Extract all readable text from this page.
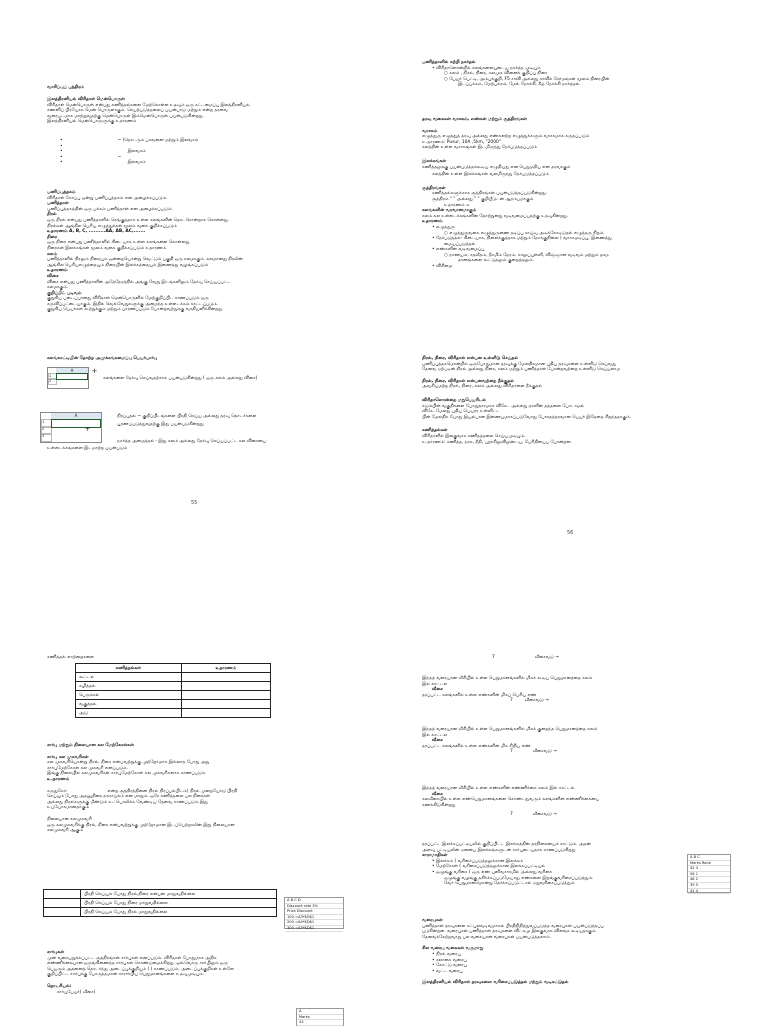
வாசிப்புப் பத்திரம்
இலத்திரனியல் விரிதாள் மென்பொருள்
விரிதாள் மென்பொருள் என்பது கணித்தல்களை மேற்கொள்ள உதவும் ஒரு கட்டமைப்பு இலத்திரனியல்
கணனிப் பிரயோக மென் பொருளாகும். செயற்படுத்தலைப் பயன்பாடு மற்றும் என்ற தரவை
வரைபடமாக மாற்றுவதற்கு மென்பொருள் இம்மென்பொருள் பயன்படுகின்றது.
இலத்திரனியல் மென்பொருளுக்கு உதாரணம்
•	~ (தொடரும் பாவனை மற்றும் இலவசம்
•
•	இலவசம்
•	~
•	இலவசம்
பணிப்புத்தகம்
விரிதாள் கோப்பு ஒன்று பணிப்புத்தகம் என அழைக்கப்படும்.
பணித்தாள்
பணிப்புத்தகத்தின் ஒரு பக்கம் பணித்தாள் என அழைக்கப்படும்.
நிரல்
ஒரு நிரல் என்பது பணித்தாளில் செங்குத்தாக உள்ள கலங்களின் தொடரொன்றாக கொள்ளது.
நிரல்கள் ஆங்கில பெரிய எழுத்துக்கள் மூலம் வகை குறிக்கப்படும்
உதாரணம் A, B, C, ..........AA, AB, AC,.......
நிரை
ஒரு நிரை என்பது பணித்தாளில் கிடையாக உள்ள கலங்களை கொள்ளது.
நிரைகள் இலக்கங்கள் மூலம் வகை குறிக்கப்படும் உதாரணம்
கலம்
பணித்தாளில் நிரலும் நிரையும் ஒன்றையொன்று வெட்டும் பகுதி ஒரு கலமாகும். கலமானது நிரலின்
ஆங்கில பெரியஎழுத்தையும் நிரையின் இலக்கத்தையும் இணைத்து வழங்கப்படும்
உதாரணம்
விசை
விசை என்பது பணித்தாளின் அதேநேரத்தில் அங்கு வேறு இடங்களிலும் தேர்வு செய்யப்பட்ட
கலமாகும்.
குறிப்பிட் படிவம்
குறுகிய படைப்பானது விரிதாள் மென்பொருளில் மேற்குறிப்பிட காணப்படும் ஒரு
கருவிப்பட்டையாகும். இதில் வெவ்வேறுகளுக்கு அமைந்த உள்ளடக்கம் காட்டப்படும்.
குறுகிய பெயர்கள் கூற்றுக்கும் மற்றும் பாரணப்படும் போன்றவற்றுக்கு வசதியளிக்கின்றது.
கலங்காட்டியின் தோற்ற அமுக்கங்கமைப்பு பெயர்பார்பு
A
1
2
✛
கலங்களை தேர்வு செய்வதற்காக பயன்படுகின்றது ( ஒரு கலம் அல்லது விசை)
A
1
2
3
+
நிரப்புதல் ~ குறிப்பிடங்களை பிரதி செய்ய அல்லது தரவு தொடர்களை
பூரணப்படுத்துவதற்கு இது பயன்படுகின்றது
நகர்த்த அமைத்தல் - இது கலம் அல்லது தேர்வு செய்யப்பட்ட கல விசையை
உள்ளடக்கங்களை இடமாற்ற பயன்படும்
55
பணித்தாளில் சுற்றி நகர்தல்
• விரிதாளொன்றில் கலங்களையுடைய நகர்த்த முடியும்
○ கலம் , நிரல், நிரை, கலமுக வினைக் குறிப்பு நிரை
○ பேயர் பெட்டி, அம்புக்குறி, F5 சாவி அல்லது சாவிக் சேர்மங்கள் மூலம் திரையின்
இடப்பக்கம், மேற்பக்கம், மேல் நோக்கி, கீழ் நோக்கி நகர்த்தல்.
தரவு வகைகள் வாசகம், எண்கள் மற்றும் சூத்திரங்கள்
வாசகம்
எழுத்துரு எழுத்துத் தரவு அல்லது எண்களற்ற எழுத்துக்களும் வாசகமாக கருதப்படும்
உ.தாரணம்: Pusur, 10A ,5km, "2000"
கலத்தின் உள்ள வாசகங்கள் இடமிருந்து நேர்படுத்தப்படும்
இலக்கங்கள்
கணித்தலுக்கு பயன்படுத்தக்கூடிய எழுதியது என பெறுமதிய என தரவாகும்
கலத்தின் உள்ள இலக்கங்கள் வலமிருந்து நேர்படுத்தப்படும்
சூத்திரங்கள்
கணித்தல்களுக்காக சூத்திரங்கள் பயன்படுத்தப்படுகின்றது.
சூத்திரம் " " அல்லது " " குறியீடுடன் ஆரம்பமாகும்
உதாரணம் =
கலங்களின் வரவானமாகும்
கலம் கல உள்ளடக்கங்களின் தோற்றுனது வடிவமைப்பதற்கு உதவுகின்றது.
உதாரணம்
• எழுத்துரு
○ எழுத்துருவகை எழுத்துருணை தடிப்பு சாய்வு அடிக்கோடிடுதல் எழுத்தரு நிறம்.
• நேர்படுத்தல்- கிடையாக, நிலைக்குத்தாக மற்றும் நோக்குநிலை ) வாசகமடிப்பு, இணைத்து
மையப்படுத்தல்
• எண்களின் வடிவமைப்பு
○ நாணயம், சதவீதம், தீசமிம் நேரம், காலுப்புள்ளி, விஞ்ஞான வடிவம் மற்றும் தசம
தானங்களை கூட்டுதலும் குறைத்தலும்.
• விசிமை
நிரல், நிரை, விரிதாள் என்பன உள்ளிடு செய்தல்
பணிப்புத்தகமொன்றில் ஒருபோதுமான தரவுக்கு மேலதிகமான புதிய தரவுகளை உள்ளிடு செய்வது
தேவை ஏற்படின் நிரல் அல்லது நிரை, கலம் மற்றும் பணித்தாள் போன்றவற்றை உள்ளிடு செய்யலாம
நிரல், நிரை, விரிதாள் என்பனவற்றை நீக்குதல்
அவசியமற்ற நிரல், நிரை, கலம் அல்லது விரிதாளை நீக்குதல்
விரிதாளொன்றை மறுபெயரிடல்
கடும்பின் வகுதிகளை போதுதாரமாக விசேட அல்லது தாளின் தத்தளை போடாமல்
விசேடமேலது புதிய பெயரர உள்ளிட்ட
பின் மேலதிக போது இயல்பான இணையமாகப்படுவோது போரதத்தரவான பெயர் இதேதை சிறந்ததாகும்.
கணித்தல்கள்
விரிதாளில் இலகுவாக கணிதத்தலை செய்யமுடியும்.
உ.தாரணம்: கணித்த, நரக, நீதி, புறாசிலுவிலுடைய, பேரிதியைப போன்றன
56
கணித்தல் எசற்றைகளை
கணித்தல்கள்	உதாரணம்
கூட்டல்	
கழித்தல்	
பெருக்கல்	
வகுத்தல்	
அடு	
சார்பு மற்றும் நிலையான கல மேற்கோள்கள்
சார்பு கல முகவரிகள்
கல முகவரியொன்று நிரல், நிரை என்பவற்றுக்கு முற்றோமாக இல்லாத போது அது
சார்புமேற்கோள் கல முகவரி எனப்படும்.
இங்கு நிலையில் கலமுகவரிகள் சார்புமேற்கோள் கல முகவரிகளாக காணப்படும்
உ.தாரணம்
கருதுகோ:	என்ற சூத்திரத்தினை நிரல் நிரப்பல்பிடம்) நிரல் முறையோடு பிரதி
செய்யும் போது அதனுதிரை நகராய்க்ம் என மாறும். ஒரே கணித்தலை பல நிரைகள்
அல்லது நிரல்களுக்கு மீண்டும் உட்பொலிக்க வேண்டிய தேவை காணப்படும் இது
உபயோகமானதாகும்
நிலையான கலமுகவரி
ஒரு கலமுகவரிக்கு நிரல், நிரை என்பவற்றுக்கு முற்றோமான இடப்பெற்றாலின் இது நிலையான
கலமுகவரி ஆகும்
	பிரதி செய்யும் போது நிரல்,நிரை என்பன மாறுவதில்லை
	பிரதி செய்யும் போது நிரை மாறுவதில்லை
	பிரதி செய்யும் போது நிரல் மாறுவதில்லை
A B C D
Discount rate 5%
Price Discount
100 =A3*$D$1
200 =A4*$D$1
300 =A5*$D$1
சார்புகள்
முன் வரையறுக்கப்பட்ட சூத்திரங்கள் சார்புகள் எனப்படும். விரிதாள் போதுமாக அதிக
எண்ணிக்கையான ஒருங்கிணைந்த சார்புகள் கொண்டுமைக்கிறது. ஒவ்வொரு சார்பிலும் ஒரு
பெயரும் அதனைத் தொடர்ந்து அடைப்புக்குறியும் ( ) காணப்படும். அடைப்புக்குறிகள் உள்ளே
குறிப்பிட்ட சார்புக்கு போருத்தமான சாரார்பிய பெறுமானங்களை உதவுமுடியும்.
தொடரியல்:
சார்புபேயர்( வீசை)
A
Marks
43
7	வீசைவடு →
இந்தத் வரையான வீசியில் உள்ள பெறுமானங்களில் மிகக் கூடிய பெறுமானத்தை கலம்
இல் காட்டல
வீசை
தரப்பட்ட கலங்களில் உள்ள எண்களின் மிகப் பெரிய எண்
7	வீசைவடு →
இந்தத் வரையான வீசியில் உள்ள பெறுமானங்களில் மிகக் குறைந்த பெறுமானத்தை கலம்
இல் காட்டல
வீசை
தரப்பட்ட கலங்களில் உள்ள எண்களின் மிக சிறிய எண்
7	வீசைவடு →
இந்தத் வரையான வீசியில் உள்ள எண்களின் எண்ணிக்கை கலம் இல் காட்டல்
வீசை
கலவீசையில் உள்ள எண்பெறுமானங்களை கொண்டதுவரும் கலங்களின் எண்ணிக்கையை
கணக்கிடுகின்றது
7	வீசைவடு →
தரப்பட்ட இலக்கப்பட்டியலில் குறிப்பிட்ட இலக்கத்தின் தரநிலையைக் காட்டும். அதன்
அளவு பட்டியலின் ஏனைய இலக்கங்களுடன் சார்புடையதாக காணப்படுகிறது.
சாராமாதிகள்
• இலக்கம் ( வரிசைப்படுத்தலுக்கான இலக்கம்
• மேற்கோள் ( வரிசைப்படுத்தலுக்கான இலக்கப்பட்டியல்
• ஒழுங்கு வரிசை ( ஒரு எண் புனிவசாரமில் அல்லது வரிசை
ஒழுங்கு வழங்கு தகிர்க்கப்படுமேயாது எண்களை இறங்குவரிசைப்படுத்தும்.
வேர் பெறுமானமொன்று தேர்க்கப்படுட்டால் ஏறுவரிசைப்படுத்தும்
A B C
Marks Rank
42 3
56 1
48 2
39 5
41 4
வரைபுகள்
பணித்தாள் தரவுகளை கட்புலவடிவமாகல் பிரதிநிதித்துவப்படுத்த வரைபுகள் பயன்படுத்தப்ப
படுகின்றன. வரைபுகள் பணித்தாள் தரவுகளை விட்சுமு இலகுவாக விளங்க கூடியதாகும்.
தேவைக்கேற்றவாறு பல வகையான வரைபுகள் பயன்படுத்தலாம்.
சில வரைபு வகைகள் வருமாறு
• நிரல் வரைபு
• சலாகை வரைபு
• கோட்டு வரைபு
• வட்ட வரைபு
இலத்திரனியல் விரிதாள் தரவுகளை வரிசைப்படுத்தல் மற்றும் வடிகட்டுதல்
